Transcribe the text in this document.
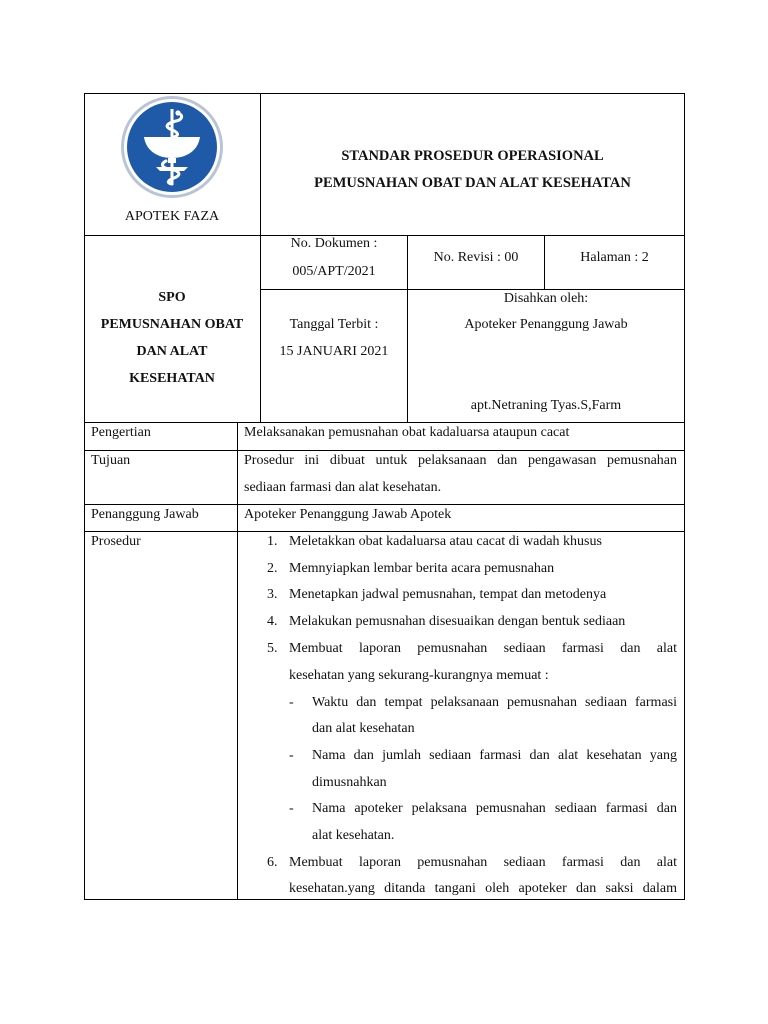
APOTEK FAZA
STANDAR PROSEDUR OPERASIONAL
PEMUSNAHAN OBAT DAN ALAT KESEHATAN
SPO
PEMUSNAHAN OBAT
DAN ALAT
KESEHATAN
No. Dokumen :
005/APT/2021
No. Revisi : 00	Halaman : 2
Tanggal Terbit :
15 JANUARI 2021
Disahkan oleh:
Apoteker Penanggung Jawab
apt.Netraning Tyas.S,Farm
Pengertian
Tujuan
Penanggung Jawab
Prosedur
Melaksanakan pemusnahan obat kadaluarsa ataupun cacat
Prosedur ini dibuat untuk pelaksanaan dan pengawasan pemusnahan
sediaan farmasi dan alat kesehatan.
Apoteker Penanggung Jawab Apotek
1. Meletakkan obat kadaluarsa atau cacat di wadah khusus
2. Memnyiapkan lembar berita acara pemusnahan
3. Menetapkan jadwal pemusnahan, tempat dan metodenya
4. Melakukan pemusnahan disesuaikan dengan bentuk sediaan
5. Membuat laporan pemusnahan sediaan farmasi dan alat
kesehatan yang sekurang-kurangnya memuat :
- Waktu dan tempat pelaksanaan pemusnahan sediaan farmasi
dan alat kesehatan
- Nama dan jumlah sediaan farmasi dan alat kesehatan yang
dimusnahkan
- Nama apoteker pelaksana pemusnahan sediaan farmasi dan
alat kesehatan.
6. Membuat laporan pemusnahan sediaan farmasi dan alat
kesehatan.yang ditanda tangani oleh apoteker dan saksi dalam
